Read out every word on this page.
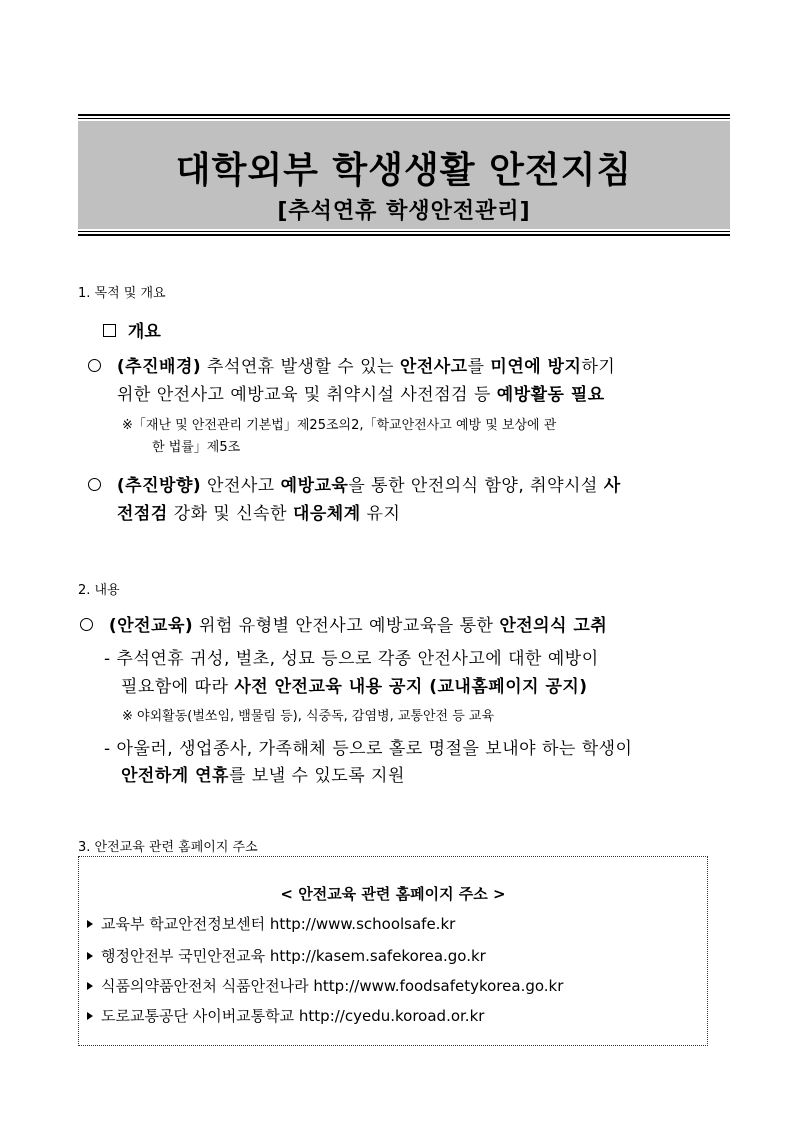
대학외부 학생생활 안전지침
[추석연휴 학생안전관리]
1. 목적 및 개요
개요
(추진배경) 추석연휴 발생할 수 있는 안전사고를 미연에 방지하기
위한 안전사고 예방교육 및 취약시설 사전점검 등 예방활동 필요
※「재난 및 안전관리 기본법」제25조의2,「학교안전사고 예방 및 보상에 관
한 법률」제5조
(추진방향) 안전사고 예방교육을 통한 안전의식 함양, 취약시설 사
전점검 강화 및 신속한 대응체계 유지
2. 내용
(안전교육) 위험 유형별 안전사고 예방교육을 통한 안전의식 고취
- 추석연휴 귀성, 벌초, 성묘 등으로 각종 안전사고에 대한 예방이
필요함에 따라 사전 안전교육 내용 공지 (교내홈페이지 공지)
※ 야외활동(벌쏘임, 뱀물림 등), 식중독, 감염병, 교통안전 등 교육
- 아울러, 생업종사, 가족해체 등으로 홀로 명절을 보내야 하는 학생이
안전하게 연휴를 보낼 수 있도록 지원
3. 안전교육 관련 홈페이지 주소
< 안전교육 관련 홈페이지 주소 >
교육부 학교안전정보센터 http://www.schoolsafe.kr
행정안전부 국민안전교육 http://kasem.safekorea.go.kr
식품의약품안전처 식품안전나라 http://www.foodsafetykorea.go.kr
도로교통공단 사이버교통학교 http://cyedu.koroad.or.kr
